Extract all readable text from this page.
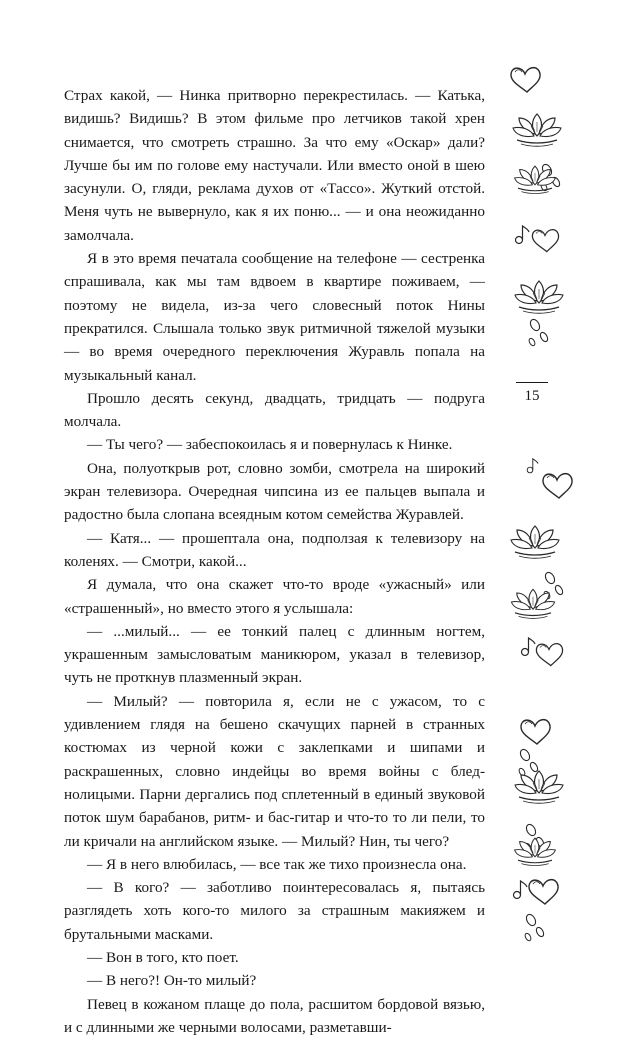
Страх какой, — Нинка притворно перекрестилась. — Катька, видишь? Видишь? В этом фильме про летчиков такой хрен снимается, что смотреть страшно. За что ему «Оскар» дали? Лучше бы им по голове ему настучали. Или вместо оной в шею засунули. О, гляди, реклама духов от «Тассо». Жуткий отстой. Меня чуть не вывернуло, как я их поню... — и она неожиданно замолчала.

Я в это время печатала сообщение на телефоне — сестренка спрашивала, как мы там вдвоем в квартире поживаем, — поэтому не видела, из-за чего словесный поток Нины прекратился. Слышала только звук ритмичной тяжелой музыки — во время очередного переключения Журавль попала на музыкальный канал.

Прошло десять секунд, двадцать, тридцать — подруга молчала.

— Ты чего? — забеспокоилась я и повернулась к Нинке.

Она, полуоткрыв рот, словно зомби, смотрела на широкий экран телевизора. Очередная чипсина из ее пальцев выпала и радостно была слопана всеядным котом семейства Журавлей.

— Катя... — прошептала она, подползая к телевизору на коленях. — Смотри, какой...

Я думала, что она скажет что-то вроде «ужасный» или «страшенный», но вместо этого я услышала:

— ...милый... — ее тонкий палец с длинным ногтем, украшенным замысловатым маникюром, указал в телевизор, чуть не проткнув плазменный экран.

— Милый? — повторила я, если не с ужасом, то с удивлением глядя на бешено скачущих парней в странных костюмах из черной кожи с заклепками и шипами и раскрашенных, словно индейцы во время войны с бледнолицыми. Парни дергались под сплетенный в единый звуковой поток шум барабанов, ритм- и бас-гитар и что-то то ли пели, то ли кричали на английском языке. — Милый? Нин, ты чего?

— Я в него влюбилась, — все так же тихо произнесла она.

— В кого? — заботливо поинтересовалась я, пытаясь разглядеть хоть кого-то милого за страшным макияжем и брутальными масками.

— Вон в того, кто поет.

— В него?! Он-то милый?

Певец в кожаном плаще до пола, расшитом бордовой вязью, и с длинными же черными волосами, разметавши-

15
